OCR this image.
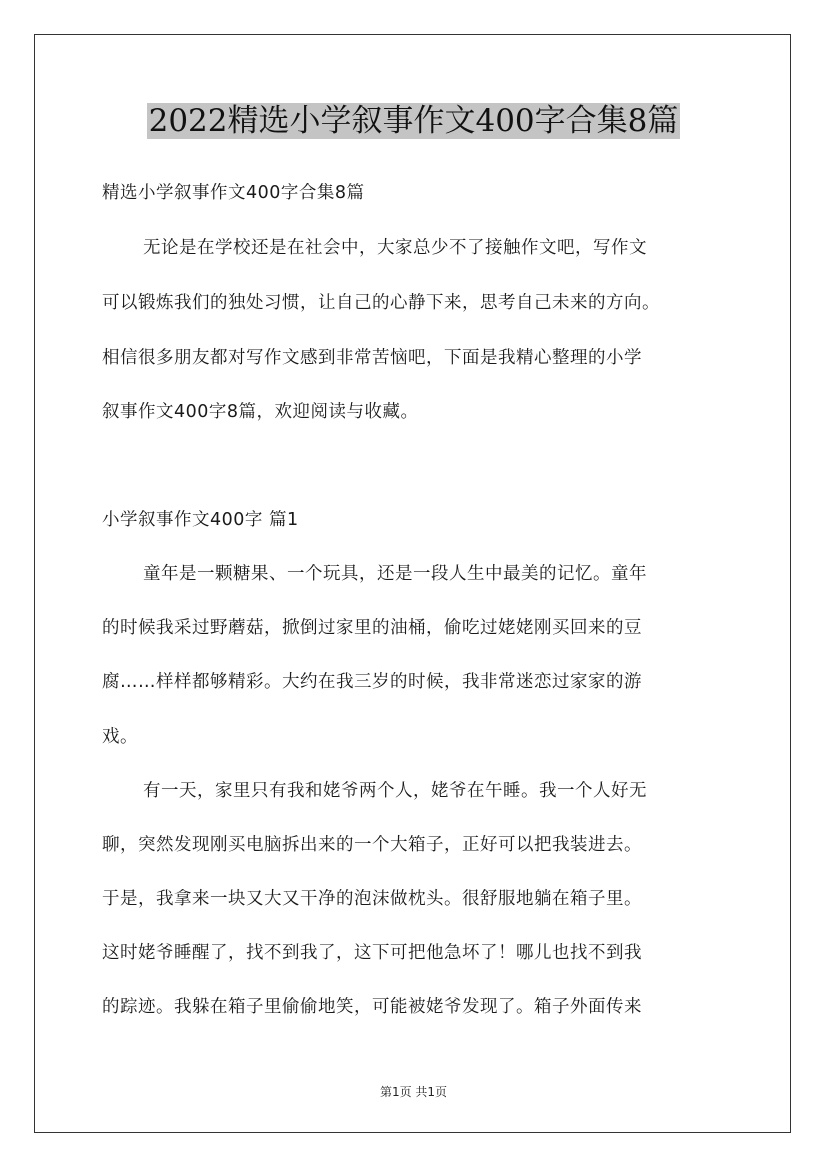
2022精选小学叙事作文400字合集8篇
精选小学叙事作文400字合集8篇
无论是在学校还是在社会中，大家总少不了接触作文吧，写作文
可以锻炼我们的独处习惯，让自己的心静下来，思考自己未来的方向。
相信很多朋友都对写作文感到非常苦恼吧，下面是我精心整理的小学
叙事作文400字8篇，欢迎阅读与收藏。
小学叙事作文400字 篇1
童年是一颗糖果、一个玩具，还是一段人生中最美的记忆。童年
的时候我采过野蘑菇，掀倒过家里的油桶，偷吃过姥姥刚买回来的豆
腐……样样都够精彩。大约在我三岁的时候，我非常迷恋过家家的游
戏。
有一天，家里只有我和姥爷两个人，姥爷在午睡。我一个人好无
聊，突然发现刚买电脑拆出来的一个大箱子，正好可以把我装进去。
于是，我拿来一块又大又干净的泡沫做枕头。很舒服地躺在箱子里。
这时姥爷睡醒了，找不到我了，这下可把他急坏了！哪儿也找不到我
的踪迹。我躲在箱子里偷偷地笑，可能被姥爷发现了。箱子外面传来
第1页 共1页
